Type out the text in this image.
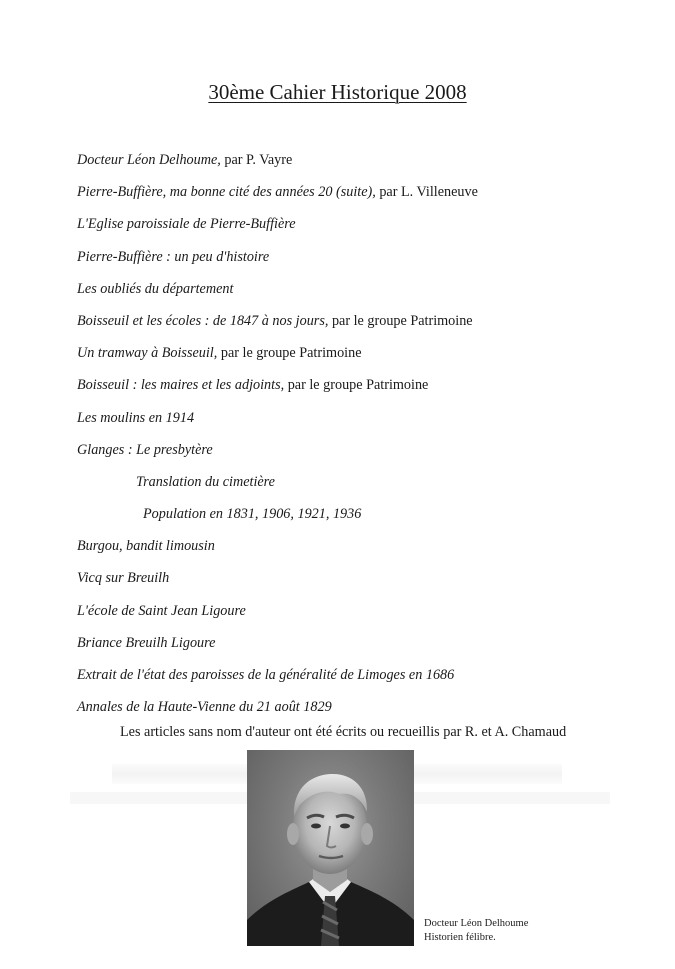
30ème Cahier Historique 2008
Docteur Léon Delhoume, par P. Vayre
Pierre-Buffière, ma bonne cité des années 20 (suite), par L. Villeneuve
L'Eglise paroissiale de Pierre-Buffière
Pierre-Buffière : un peu d'histoire
Les oubliés du département
Boisseuil et les écoles : de 1847 à nos jours, par le groupe Patrimoine
Un tramway à Boisseuil, par le groupe Patrimoine
Boisseuil : les maires et les adjoints, par le groupe Patrimoine
Les moulins en 1914
Glanges : Le presbytère
Translation du cimetière
Population en 1831, 1906, 1921, 1936
Burgou, bandit limousin
Vicq sur Breuilh
L'école de Saint Jean Ligoure
Briance Breuilh Ligoure
Extrait de l'état des paroisses de la généralité de Limoges en 1686
Annales de la Haute-Vienne du 21 août 1829
Les articles sans nom d'auteur ont été écrits ou recueillis par R. et A. Chamaud
Docteur Léon Delhoume
Historien félibre.
